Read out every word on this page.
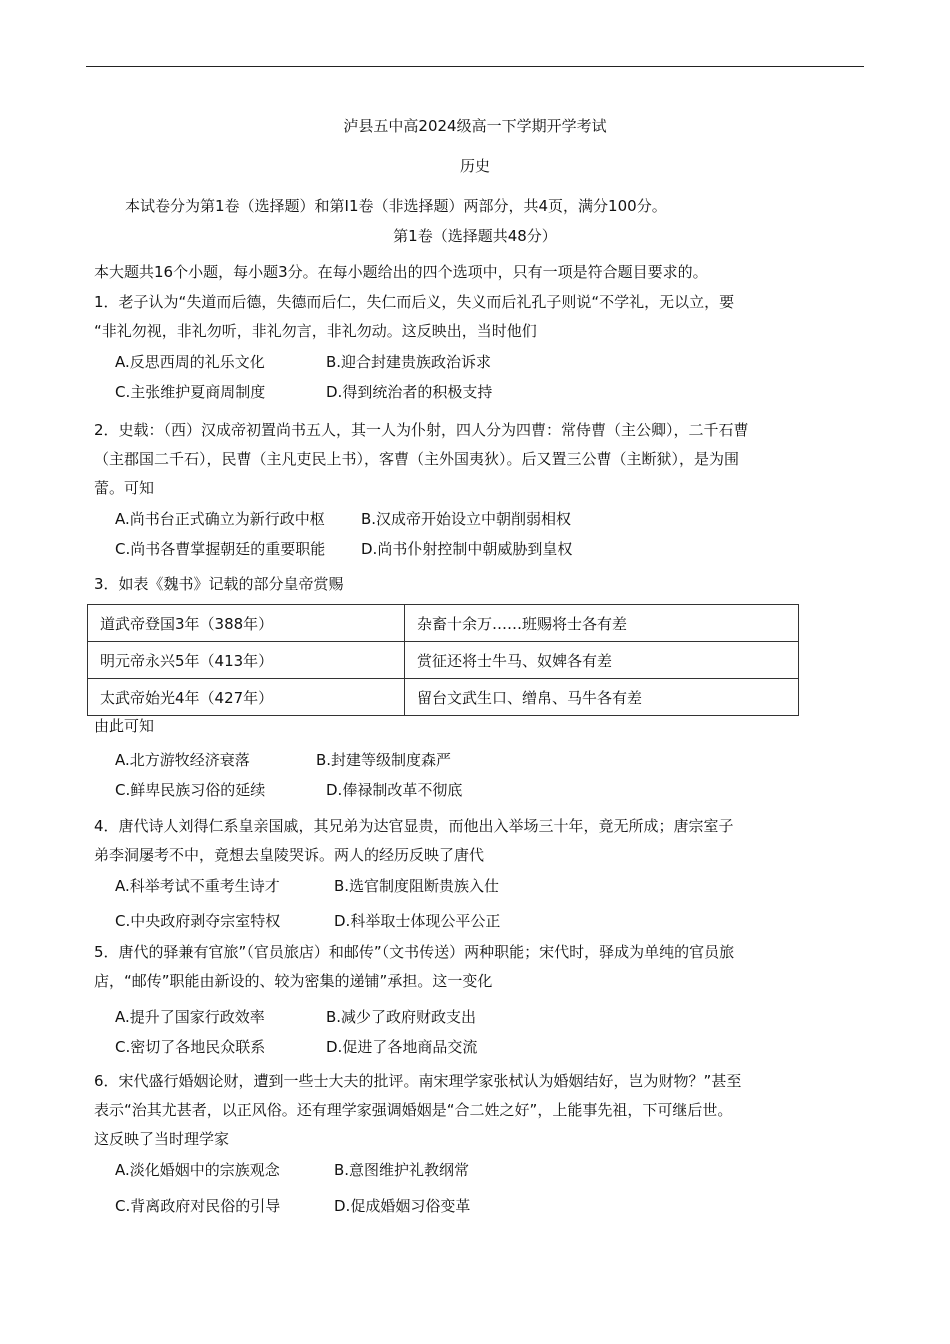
泸县五中高2024级高一下学期开学考试
历史
本试卷分为第1卷（选择题）和第I1卷（非选择题）两部分，共4页，满分100分。
第1卷（选择题共48分）
本大题共16个小题，每小题3分。在每小题给出的四个选项中，只有一项是符合题目要求的。
1．老子认为“失道而后德，失德而后仁，失仁而后义，失义而后礼孔子则说“不学礼，无以立，要
“非礼勿视，非礼勿听，非礼勿言，非礼勿动。这反映出，当时他们
A.反思西周的礼乐文化	B.迎合封建贵族政治诉求
C.主张维护夏商周制度	D.得到统治者的积极支持
2．史载：（西）汉成帝初置尚书五人，其一人为仆射，四人分为四曹：常侍曹（主公卿），二千石曹
（主郡国二千石），民曹（主凡吏民上书），客曹（主外国夷狄）。后又置三公曹（主断狱），是为围
蕾。可知
A.尚书台正式确立为新行政中枢 B.汉成帝开始设立中朝削弱相权
C.尚书各曹掌握朝廷的重要职能 D.尚书仆射控制中朝威胁到皇权
3．如表《魏书》记载的部分皇帝赏赐
道武帝登国3年（388年）	杂畜十余万……班赐将士各有差
明元帝永兴5年（413年）	赏征还将士牛马、奴婢各有差
太武帝始光4年（427年）	留台文武生口、缯帛、马牛各有差
由此可知
A.北方游牧经济衰落	B.封建等级制度森严
C.鲜卑民族习俗的延续	D.俸禄制改革不彻底
4．唐代诗人刘得仁系皇亲国戚，其兄弟为达官显贵，而他出入举场三十年，竟无所成；唐宗室子
弟李洞屡考不中，竟想去皇陵哭诉。两人的经历反映了唐代
A.科举考试不重考生诗才	B.选官制度阻断贵族入仕
C.中央政府剥夺宗室特权	D.科举取士体现公平公正
5．唐代的驿兼有官旅”（官员旅店）和邮传”（文书传送）两种职能；宋代时，驿成为单纯的官员旅
店，“邮传”职能由新设的、较为密集的递铺”承担。这一变化
A.提升了国家行政效率	B.减少了政府财政支出
C.密切了各地民众联系	D.促进了各地商品交流
6．宋代盛行婚姻论财，遭到一些士大夫的批评。南宋理学家张栻认为婚姻结好，岂为财物？”甚至
表示“治其尤甚者，以正风俗。还有理学家强调婚姻是“合二姓之好”，上能事先祖，下可继后世。
这反映了当时理学家
A.淡化婚姻中的宗族观念	B.意图维护礼教纲常
C.背离政府对民俗的引导	D.促成婚姻习俗变革
